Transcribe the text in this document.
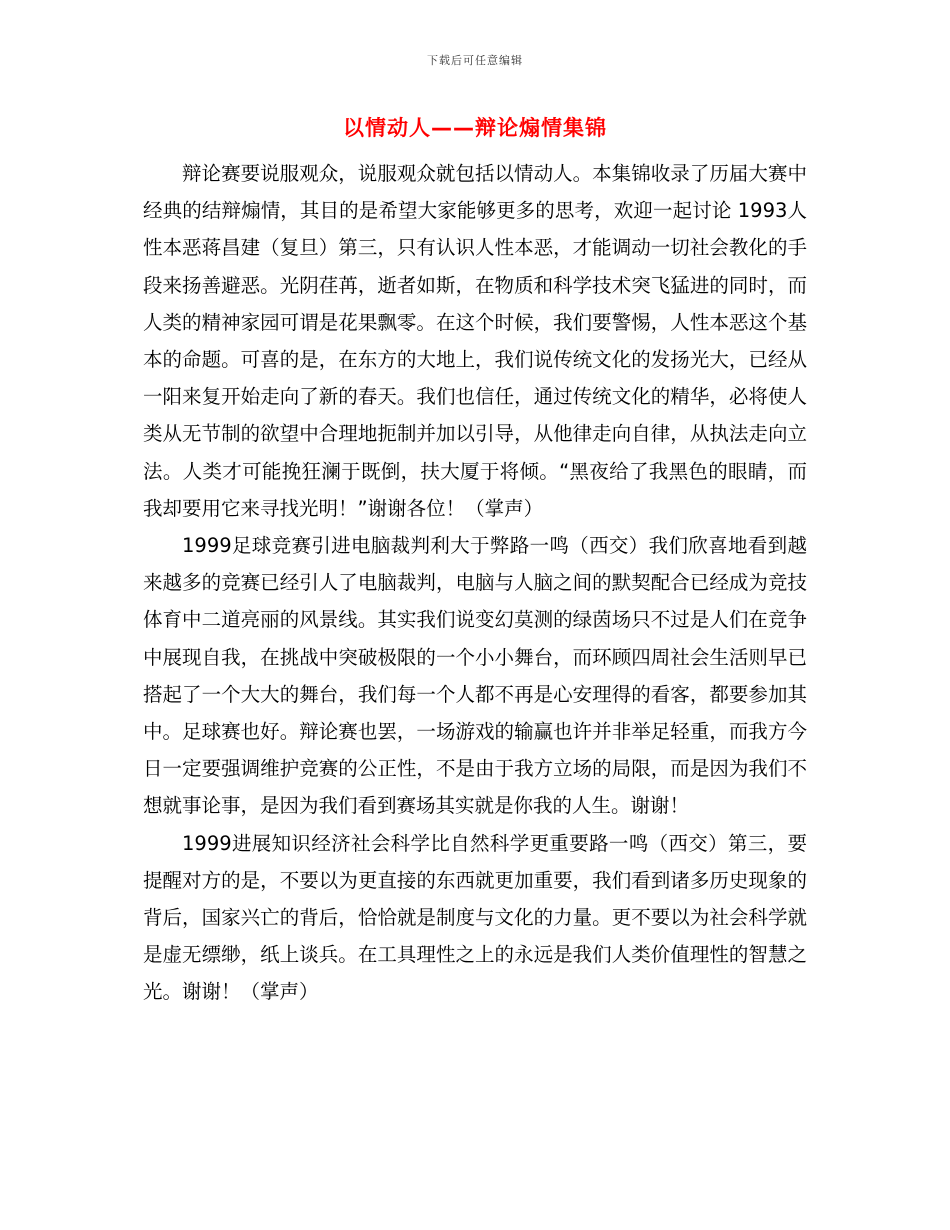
下载后可任意编辑
以情动人——辩论煽情集锦

辩论赛要说服观众，说服观众就包括以情动人。本集锦收录了历届大赛中经典的结辩煽情，其目的是希望大家能够更多的思考，欢迎一起讨论 1993人性本恶蒋昌建（复旦）第三，只有认识人性本恶，才能调动一切社会教化的手段来扬善避恶。光阴荏苒，逝者如斯，在物质和科学技术突飞猛进的同时，而人类的精神家园可谓是花果飘零。在这个时候，我们要警惕，人性本恶这个基本的命题。可喜的是，在东方的大地上，我们说传统文化的发扬光大，已经从一阳来复开始走向了新的春天。我们也信任，通过传统文化的精华，必将使人类从无节制的欲望中合理地扼制并加以引导，从他律走向自律，从执法走向立法。人类才可能挽狂澜于既倒，扶大厦于将倾。“黑夜给了我黑色的眼睛，而我却要用它来寻找光明！”谢谢各位！（掌声）

1999足球竞赛引进电脑裁判利大于弊路一鸣（西交）我们欣喜地看到越来越多的竞赛已经引人了电脑裁判，电脑与人脑之间的默契配合已经成为竞技体育中二道亮丽的风景线。其实我们说变幻莫测的绿茵场只不过是人们在竞争中展现自我，在挑战中突破极限的一个小小舞台，而环顾四周社会生活则早已搭起了一个大大的舞台，我们每一个人都不再是心安理得的看客，都要参加其中。足球赛也好。辩论赛也罢，一场游戏的输赢也许并非举足轻重，而我方今日一定要强调维护竞赛的公正性，不是由于我方立场的局限，而是因为我们不想就事论事，是因为我们看到赛场其实就是你我的人生。谢谢！

1999进展知识经济社会科学比自然科学更重要路一鸣（西交）第三，要提醒对方的是，不要以为更直接的东西就更加重要，我们看到诸多历史现象的背后，国家兴亡的背后，恰恰就是制度与文化的力量。更不要以为社会科学就是虚无缥缈，纸上谈兵。在工具理性之上的永远是我们人类价值理性的智慧之光。谢谢！（掌声）
